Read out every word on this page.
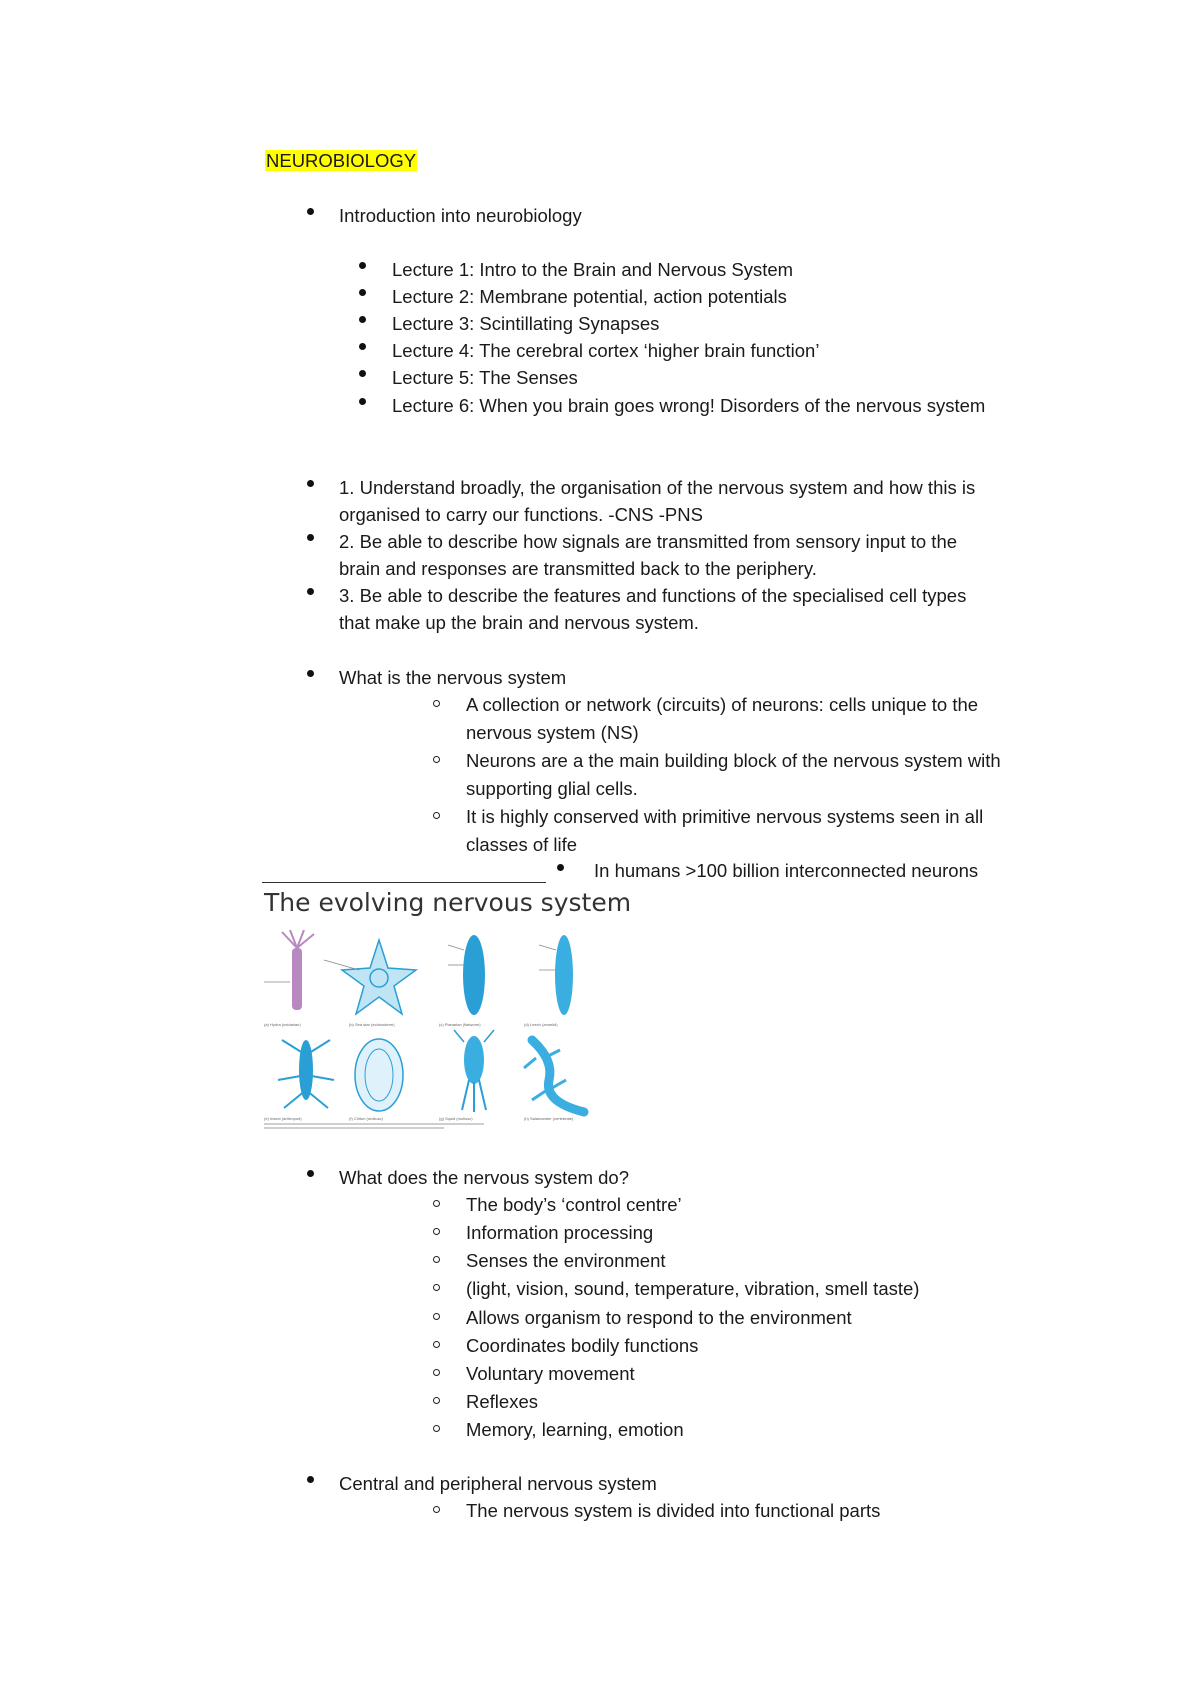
NEUROBIOLOGY
Introduction into neurobiology
Lecture 1: Intro to the Brain and Nervous System
Lecture 2: Membrane potential, action potentials
Lecture 3: Scintillating Synapses
Lecture 4: The cerebral cortex ‘higher brain function’
Lecture 5: The Senses
Lecture 6: When you brain goes wrong! Disorders of the nervous system
1. Understand broadly, the organisation of the nervous system and how this is
organised to carry our functions. -CNS -PNS
2. Be able to describe how signals are transmitted from sensory input to the
brain and responses are transmitted back to the periphery.
3. Be able to describe the features and functions of the specialised cell types
that make up the brain and nervous system.
What is the nervous system
A collection or network (circuits) of neurons: cells unique to the
nervous system (NS)
Neurons are a the main building block of the nervous system with
supporting glial cells.
It is highly conserved with primitive nervous systems seen in all
classes of life
In humans >100 billion interconnected neurons
The evolving nervous system
(a) Hydra (cnidarian)	(b) Sea star (echinoderm)	(c) Planarian (flatworm)	(d) Leech (annelid)
(e) Insect (arthropod)	(f) Chiton (mollusc)	(g) Squid (mollusc)	(h) Salamander (vertebrate)
What does the nervous system do?
The body’s ‘control centre’
Information processing
Senses the environment
(light, vision, sound, temperature, vibration, smell taste)
Allows organism to respond to the environment
Coordinates bodily functions
Voluntary movement
Reflexes
Memory, learning, emotion
Central and peripheral nervous system
The nervous system is divided into functional parts
